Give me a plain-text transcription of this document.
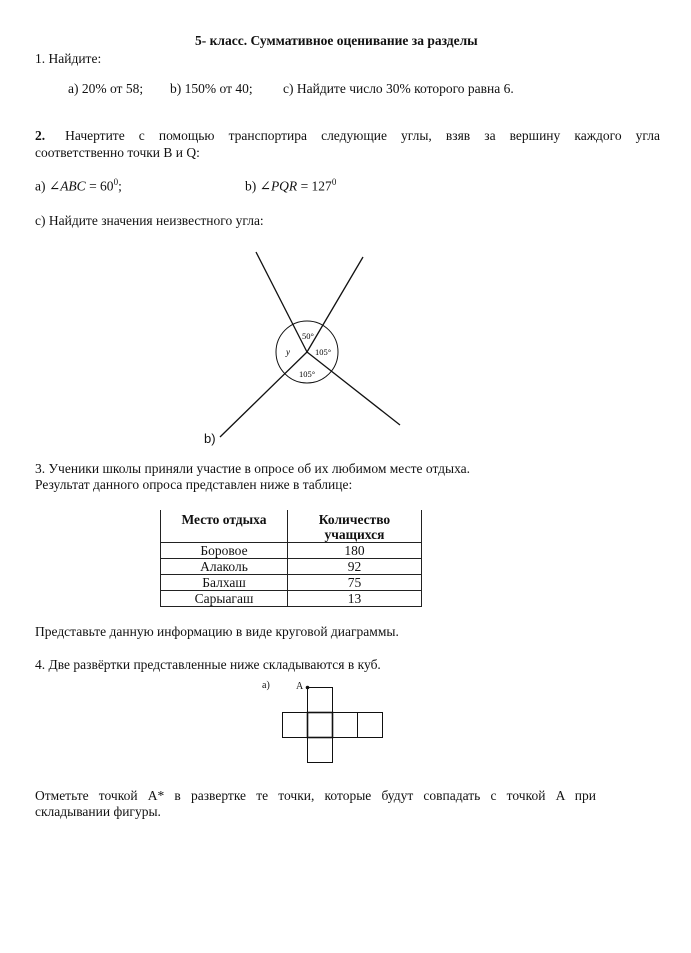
5- класс. Суммативное оценивание за разделы
1. Найдите:
a) 20% от 58; b) 150% от 40; c) Найдите число 30% которого равна 6.
2. Начертите с помощью транспортира следующие углы, взяв за вершину каждого угла
соответственно точки B и Q:
a) ∠ABC = $60^0$;	b) ∠PQR = $127^0$
c) Найдите значения неизвестного угла:
50°
105°
105°
y
b)
3. Ученики школы приняли участие в опросе об их любимом месте отдыха.
Результат данного опроса представлен ниже в таблице:
Место отдыха	Количество учащихся
Боровое	180
Алаколь	92
Балхаш	75
Сарыагаш	13
Представьте данную информацию в виде круговой диаграммы.
4. Две развёртки представленные ниже складываются в куб.
a)	A
Отметьте точкой A* в развертке те точки, которые будут совпадать с точкой A при
складывании фигуры.
